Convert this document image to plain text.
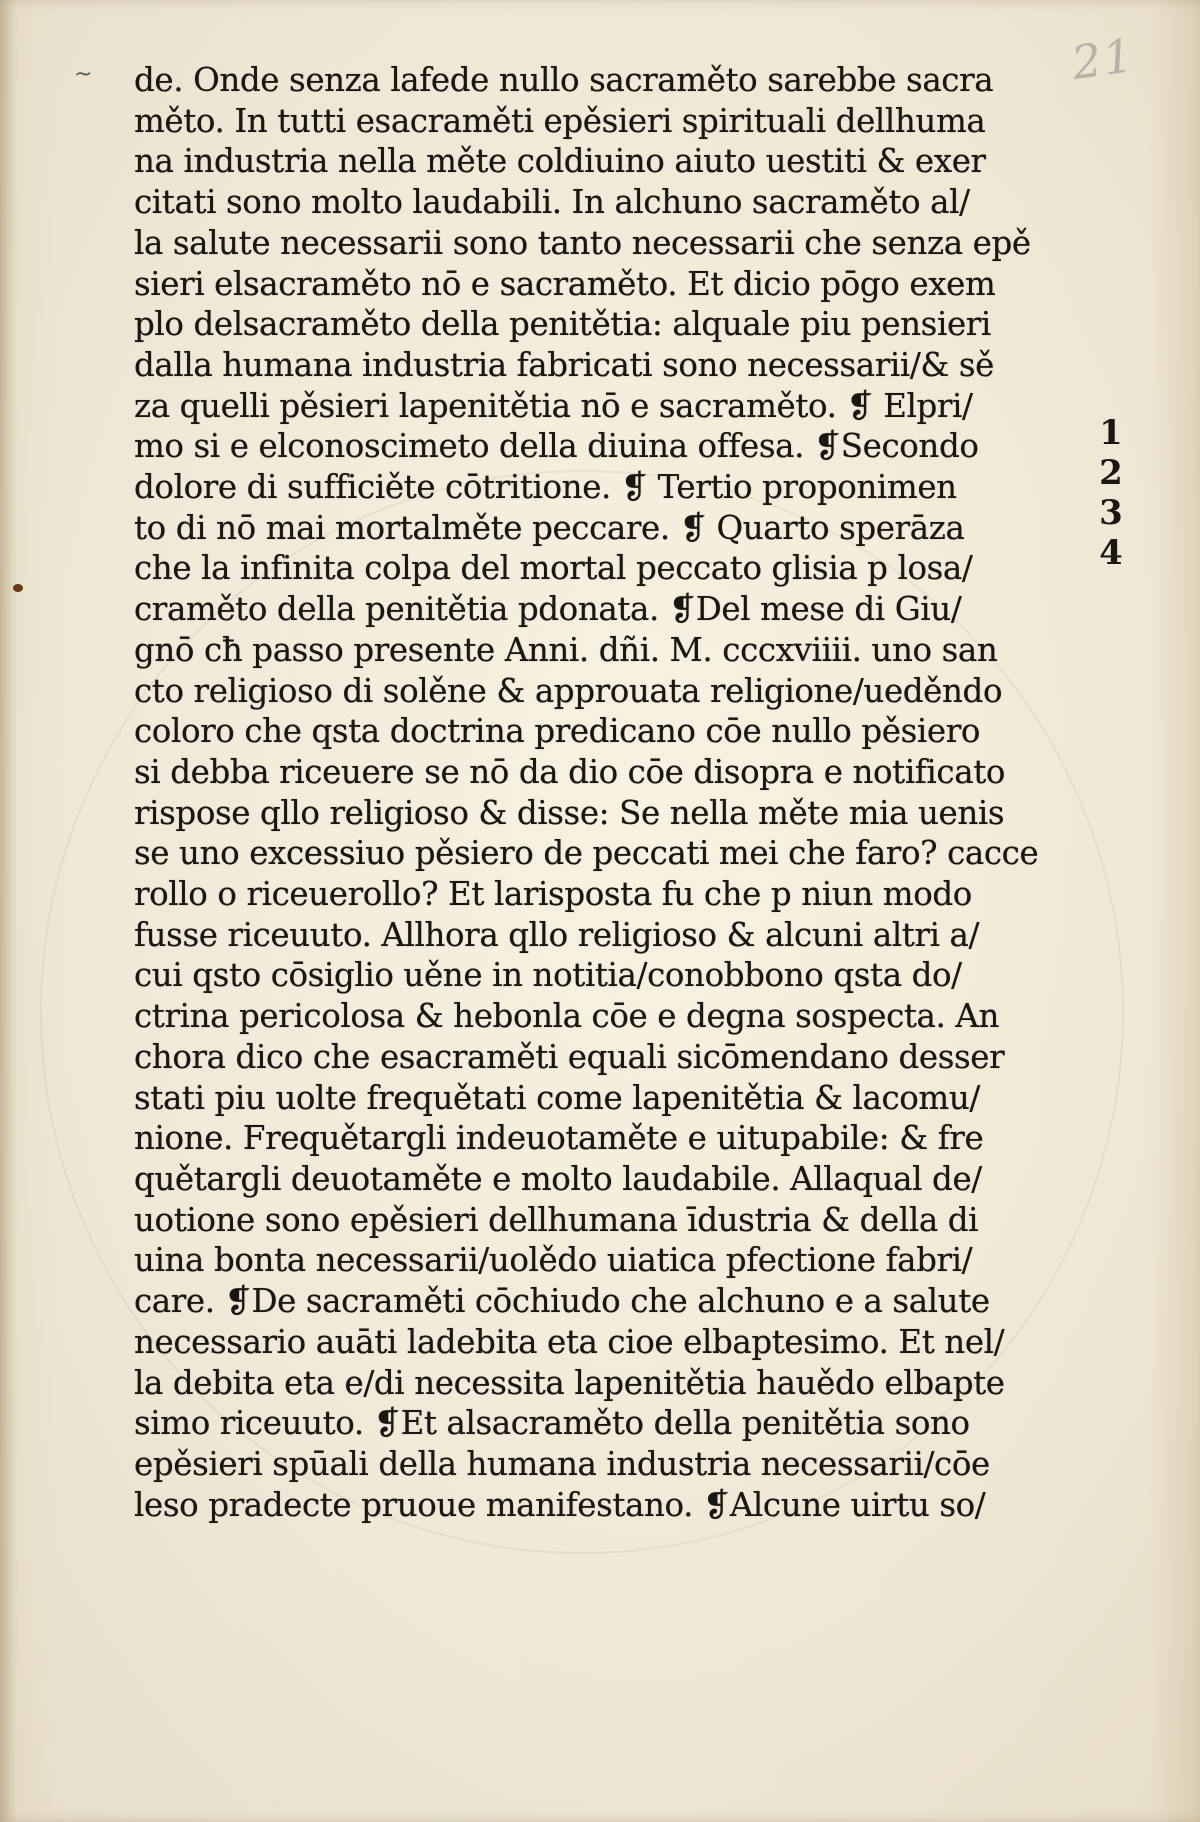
21
~ de. Onde senza lafede nullo sacraměto sarebbe sacra
měto. In tutti esacraměti epěsieri spirituali dellhuma
na industria nella měte coldiuino aiuto uestiti & exer
citati sono molto laudabili. In alchuno sacraměto al/
la salute necessarii sono tanto necessarii che senza epě
sieri elsacraměto nō e sacraměto. Et dicio pōgo exem
plo delsacraměto della penitětia: alquale piu pensieri
dalla humana industria fabricati sono necessarii/& sě
za quelli pěsieri lapenitětia nō e sacraměto. ❡ Elpri/
mo si e elconoscimeto della diuina offesa. ❡Secondo
dolore di sufficiěte cōtritione. ❡ Tertio proponimen
to di nō mai mortalměte peccare. ❡ Quarto sperāza
che la infinita colpa del mortal peccato glisia p losa/
craměto della penitětia pdonata. ❡Del mese di Giu/
gnō cħ passo presente Anni. dñi. M. cccxviiii. uno san
cto religioso di solěne & approuata religione/ueděndo
coloro che qsta doctrina predicano cōe nullo pěsiero
si debba riceuere se nō da dio cōe disopra e notificato
rispose qllo religioso & disse: Se nella měte mia uenis
se uno excessiuo pěsiero de peccati mei che faro? cacce
rollo o riceuerollo? Et larisposta fu che p niun modo
fusse riceuuto. Allhora qllo religioso & alcuni altri a/
cui qsto cōsiglio uěne in notitia/conobbono qsta do/
ctrina pericolosa & hebonla cōe e degna sospecta. An
chora dico che esacraměti equali sicōmendano desser
stati piu uolte frequětati come lapenitětia & lacomu/
nione. Frequětargli indeuotaměte e uitupabile: & fre
quětargli deuotaměte e molto laudabile. Allaqual de/
uotione sono epěsieri dellhumana īdustria & della di
uina bonta necessarii/uolědo uiatica pfectione fabri/
care. ❡De sacraměti cōchiudo che alchuno e a salute
necessario auāti ladebita eta cioe elbaptesimo. Et nel/
la debita eta e/di necessita lapenitětia hauědo elbapte
simo riceuuto. ❡Et alsacraměto della penitětia sono
epěsieri spūali della humana industria necessarii/cōe
leso pradecte pruoue manifestano. ❡Alcune uirtu so/
1
2
3
4
